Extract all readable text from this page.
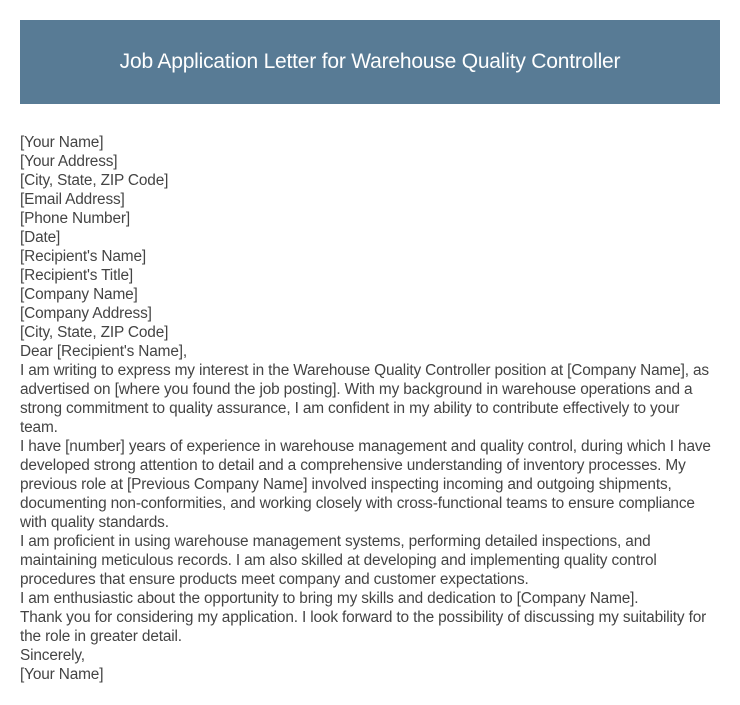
Job Application Letter for Warehouse Quality Controller
[Your Name]
[Your Address]
[City, State, ZIP Code]
[Email Address]
[Phone Number]
[Date]
[Recipient's Name]
[Recipient's Title]
[Company Name]
[Company Address]
[City, State, ZIP Code]
Dear [Recipient's Name],
I am writing to express my interest in the Warehouse Quality Controller position at [Company Name], as advertised on [where you found the job posting]. With my background in warehouse operations and a strong commitment to quality assurance, I am confident in my ability to contribute effectively to your team.
I have [number] years of experience in warehouse management and quality control, during which I have developed strong attention to detail and a comprehensive understanding of inventory processes. My previous role at [Previous Company Name] involved inspecting incoming and outgoing shipments, documenting non-conformities, and working closely with cross-functional teams to ensure compliance with quality standards.
I am proficient in using warehouse management systems, performing detailed inspections, and maintaining meticulous records. I am also skilled at developing and implementing quality control procedures that ensure products meet company and customer expectations.
I am enthusiastic about the opportunity to bring my skills and dedication to [Company Name].
Thank you for considering my application. I look forward to the possibility of discussing my suitability for the role in greater detail.
Sincerely,
[Your Name]
